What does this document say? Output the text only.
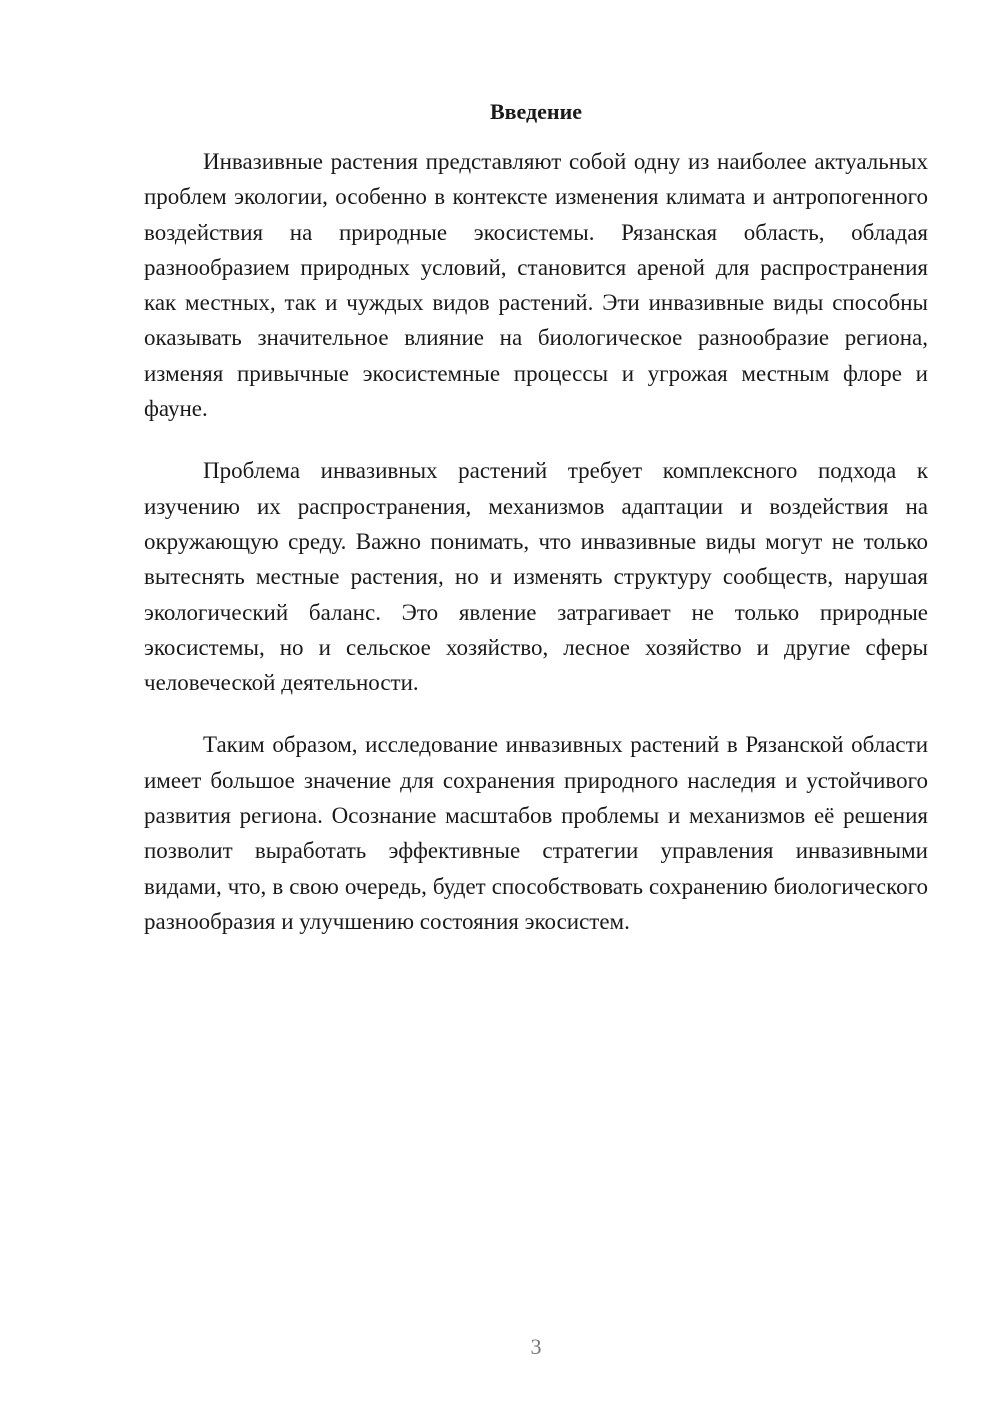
Введение

Инвазивные растения представляют собой одну из наиболее актуальных проблем экологии, особенно в контексте изменения климата и антропогенного воздействия на природные экосистемы. Рязанская область, обладая разнообразием природных условий, становится ареной для распространения как местных, так и чуждых видов растений. Эти инвазивные виды способны оказывать значительное влияние на биологическое разнообразие региона, изменяя привычные экосистемные процессы и угрожая местным флоре и фауне.

Проблема инвазивных растений требует комплексного подхода к изучению их распространения, механизмов адаптации и воздействия на окружающую среду. Важно понимать, что инвазивные виды могут не только вытеснять местные растения, но и изменять структуру сообществ, нарушая экологический баланс. Это явление затрагивает не только природные экосистемы, но и сельское хозяйство, лесное хозяйство и другие сферы человеческой деятельности.

Таким образом, исследование инвазивных растений в Рязанской области имеет большое значение для сохранения природного наследия и устойчивого развития региона. Осознание масштабов проблемы и механизмов её решения позволит выработать эффективные стратегии управления инвазивными видами, что, в свою очередь, будет способствовать сохранению биологического разнообразия и улучшению состояния экосистем.

3
